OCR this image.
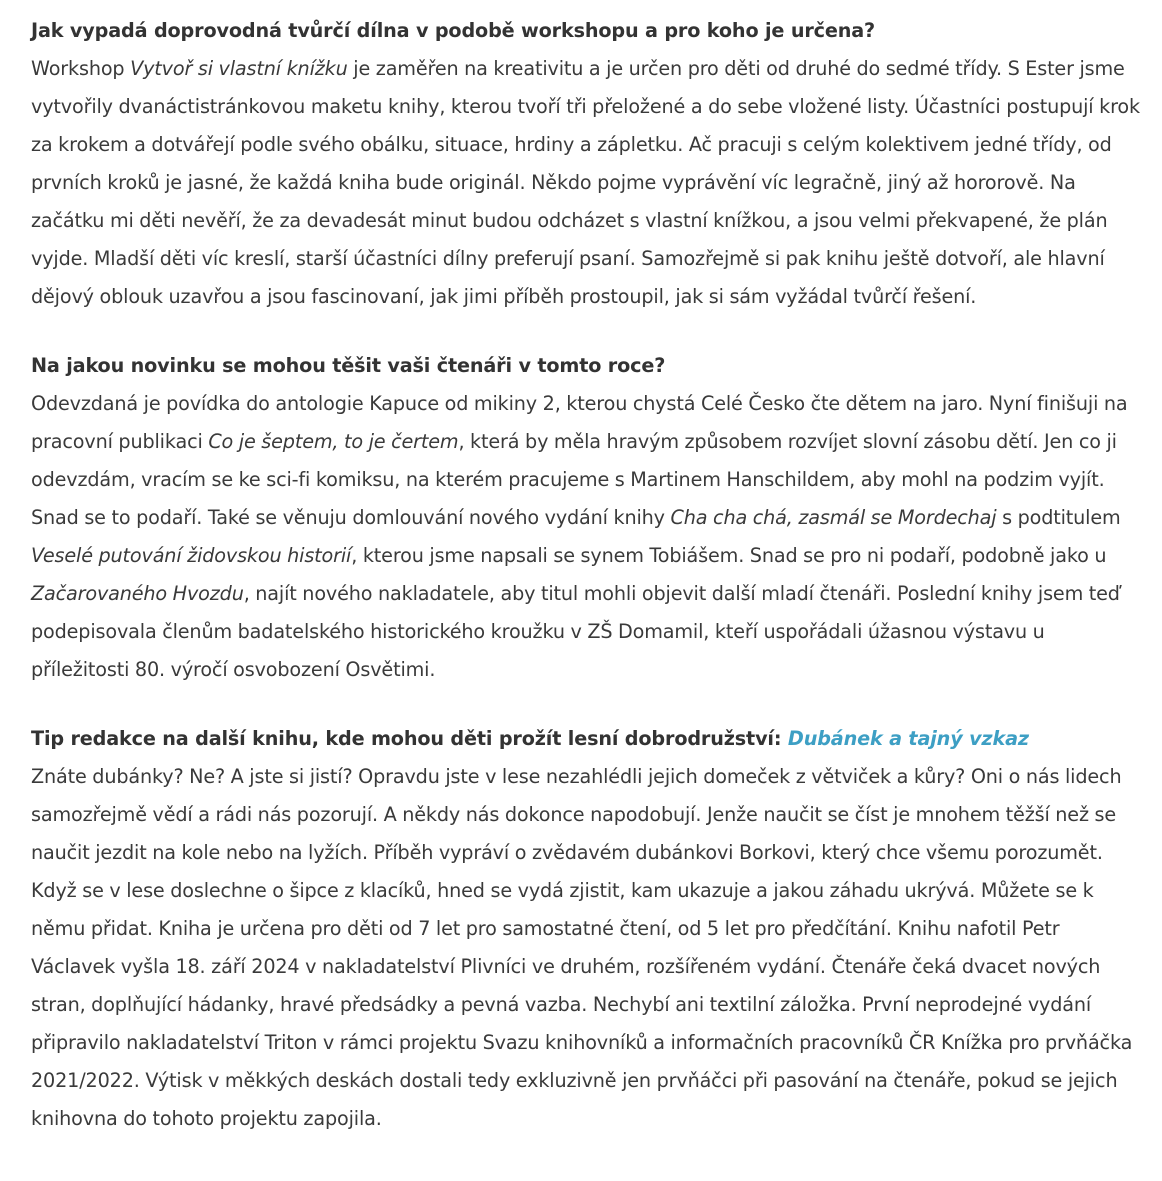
Jak vypadá doprovodná tvůrčí dílna v podobě workshopu a pro koho je určena?

Workshop Vytvoř si vlastní knížku je zaměřen na kreativitu a je určen pro děti od druhé do sedmé třídy. S Ester jsme vytvořily dvanáctistránkovou maketu knihy, kterou tvoří tři přeložené a do sebe vložené listy. Účastníci postupují krok za krokem a dotvářejí podle svého obálku, situace, hrdiny a zápletku. Ač pracuji s celým kolektivem jedné třídy, od prvních kroků je jasné, že každá kniha bude originál. Někdo pojme vyprávění víc legračně, jiný až hororově. Na začátku mi děti nevěří, že za devadesát minut budou odcházet s vlastní knížkou, a jsou velmi překvapené, že plán vyjde. Mladší děti víc kreslí, starší účastníci dílny preferují psaní. Samozřejmě si pak knihu ještě dotvoří, ale hlavní dějový oblouk uzavřou a jsou fascinovaní, jak jimi příběh prostoupil, jak si sám vyžádal tvůrčí řešení.

Na jakou novinku se mohou těšit vaši čtenáři v tomto roce?

Odevzdaná je povídka do antologie Kapuce od mikiny 2, kterou chystá Celé Česko čte dětem na jaro. Nyní finišuji na pracovní publikaci Co je šeptem, to je čertem, která by měla hravým způsobem rozvíjet slovní zásobu dětí. Jen co ji odevzdám, vracím se ke sci-fi komiksu, na kterém pracujeme s Martinem Hanschildem, aby mohl na podzim vyjít. Snad se to podaří. Také se věnuju domlouvání nového vydání knihy Cha cha chá, zasmál se Mordechaj s podtitulem Veselé putování židovskou historií, kterou jsme napsali se synem Tobiášem. Snad se pro ni podaří, podobně jako u Začarovaného Hvozdu, najít nového nakladatele, aby titul mohli objevit další mladí čtenáři. Poslední knihy jsem teď podepisovala členům badatelského historického kroužku v ZŠ Domamil, kteří uspořádali úžasnou výstavu u příležitosti 80. výročí osvobození Osvětimi.

Tip redakce na další knihu, kde mohou děti prožít lesní dobrodružství: Dubánek a tajný vzkaz

Znáte dubánky? Ne? A jste si jistí? Opravdu jste v lese nezahlédli jejich domeček z větviček a kůry? Oni o nás lidech samozřejmě vědí a rádi nás pozorují. A někdy nás dokonce napodobují. Jenže naučit se číst je mnohem těžší než se naučit jezdit na kole nebo na lyžích. Příběh vypráví o zvědavém dubánkovi Borkovi, který chce všemu porozumět. Když se v lese doslechne o šipce z klacíků, hned se vydá zjistit, kam ukazuje a jakou záhadu ukrývá. Můžete se k němu přidat. Kniha je určena pro děti od 7 let pro samostatné čtení, od 5 let pro předčítání. Knihu nafotil Petr Václavek vyšla 18. září 2024 v nakladatelství Plivníci ve druhém, rozšířeném vydání. Čtenáře čeká dvacet nových stran, doplňující hádanky, hravé předsádky a pevná vazba. Nechybí ani textilní záložka. První neprodejné vydání připravilo nakladatelství Triton v rámci projektu Svazu knihovníků a informačních pracovníků ČR Knížka pro prvňáčka 2021/2022. Výtisk v měkkých deskách dostali tedy exkluzivně jen prvňáčci při pasování na čtenáře, pokud se jejich knihovna do tohoto projektu zapojila.
